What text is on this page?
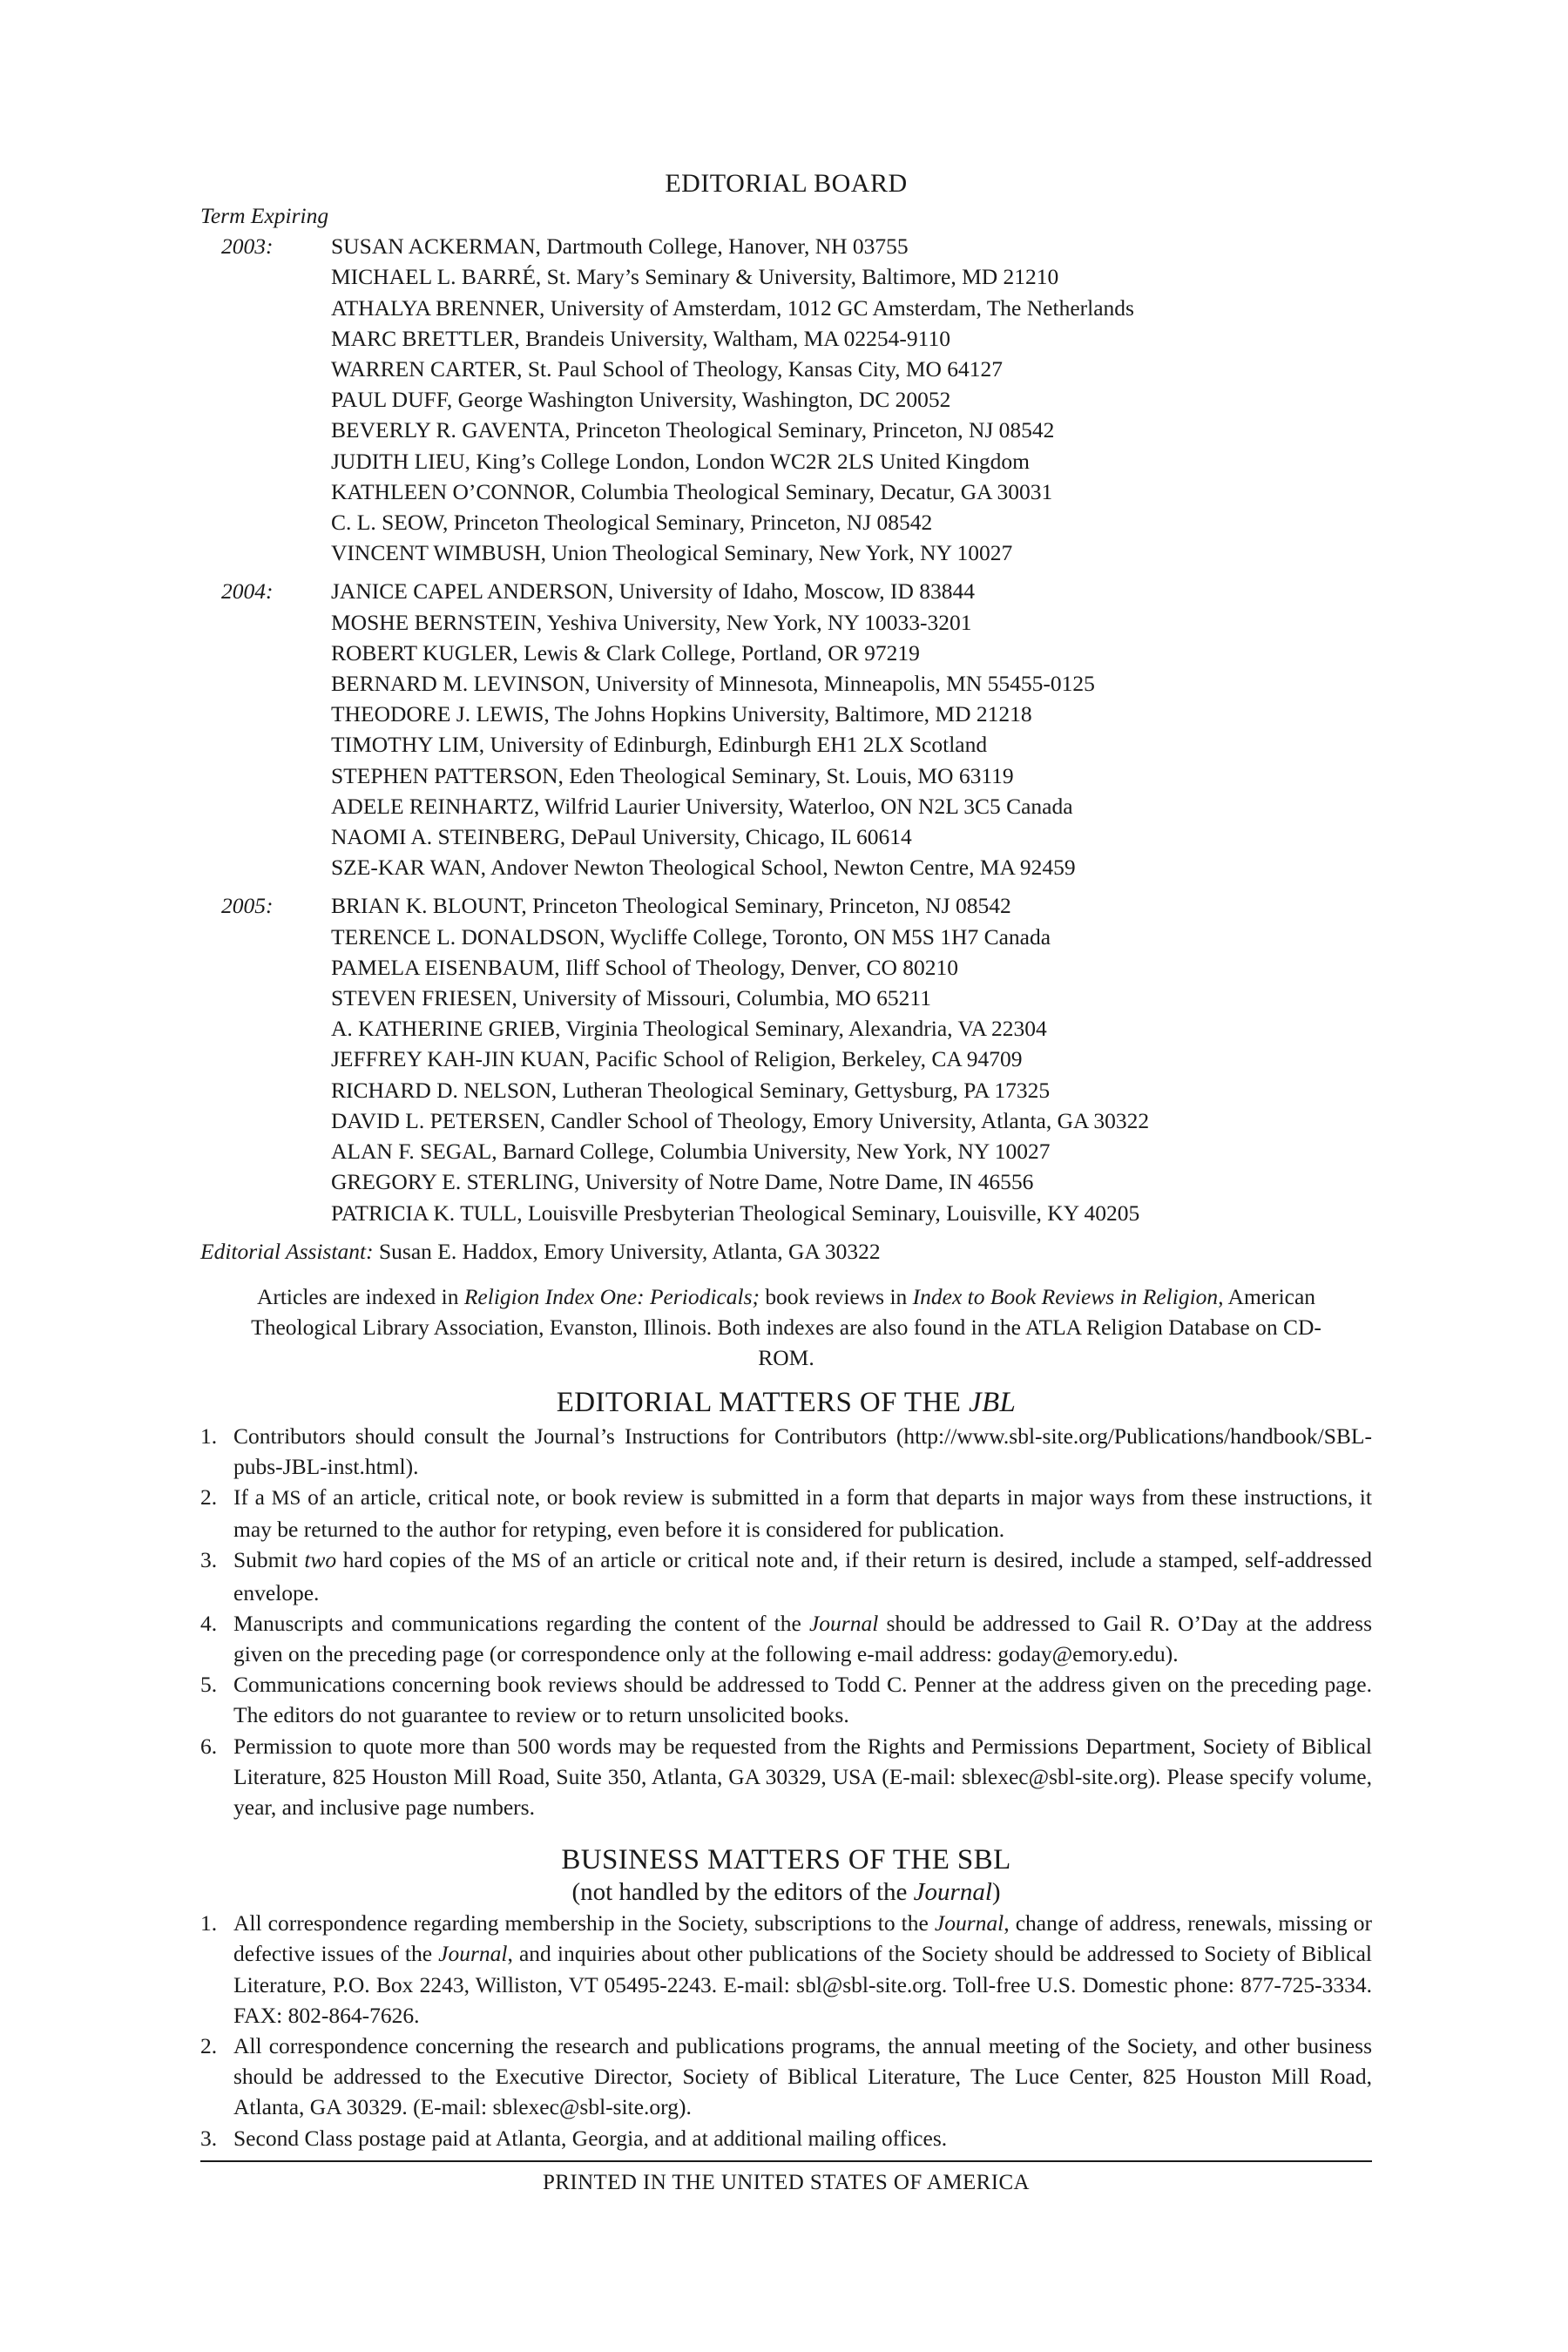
EDITORIAL BOARD
Term Expiring
2003:	SUSAN ACKERMAN, Dartmouth College, Hanover, NH 03755
MICHAEL L. BARRÉ, St. Mary’s Seminary & University, Baltimore, MD 21210
ATHALYA BRENNER, University of Amsterdam, 1012 GC Amsterdam, The Netherlands
MARC BRETTLER, Brandeis University, Waltham, MA 02254-9110
WARREN CARTER, St. Paul School of Theology, Kansas City, MO 64127
PAUL DUFF, George Washington University, Washington, DC 20052
BEVERLY R. GAVENTA, Princeton Theological Seminary, Princeton, NJ 08542
JUDITH LIEU, King’s College London, London WC2R 2LS United Kingdom
KATHLEEN O’CONNOR, Columbia Theological Seminary, Decatur, GA 30031
C. L. SEOW, Princeton Theological Seminary, Princeton, NJ 08542
VINCENT WIMBUSH, Union Theological Seminary, New York, NY 10027
2004:	JANICE CAPEL ANDERSON, University of Idaho, Moscow, ID 83844
MOSHE BERNSTEIN, Yeshiva University, New York, NY 10033-3201
ROBERT KUGLER, Lewis & Clark College, Portland, OR 97219
BERNARD M. LEVINSON, University of Minnesota, Minneapolis, MN 55455-0125
THEODORE J. LEWIS, The Johns Hopkins University, Baltimore, MD 21218
TIMOTHY LIM, University of Edinburgh, Edinburgh EH1 2LX Scotland
STEPHEN PATTERSON, Eden Theological Seminary, St. Louis, MO 63119
ADELE REINHARTZ, Wilfrid Laurier University, Waterloo, ON N2L 3C5 Canada
NAOMI A. STEINBERG, DePaul University, Chicago, IL 60614
SZE-KAR WAN, Andover Newton Theological School, Newton Centre, MA 92459
2005:	BRIAN K. BLOUNT, Princeton Theological Seminary, Princeton, NJ 08542
TERENCE L. DONALDSON, Wycliffe College, Toronto, ON M5S 1H7 Canada
PAMELA EISENBAUM, Iliff School of Theology, Denver, CO 80210
STEVEN FRIESEN, University of Missouri, Columbia, MO 65211
A. KATHERINE GRIEB, Virginia Theological Seminary, Alexandria, VA 22304
JEFFREY KAH-JIN KUAN, Pacific School of Religion, Berkeley, CA 94709
RICHARD D. NELSON, Lutheran Theological Seminary, Gettysburg, PA 17325
DAVID L. PETERSEN, Candler School of Theology, Emory University, Atlanta, GA 30322
ALAN F. SEGAL, Barnard College, Columbia University, New York, NY 10027
GREGORY E. STERLING, University of Notre Dame, Notre Dame, IN 46556
PATRICIA K. TULL, Louisville Presbyterian Theological Seminary, Louisville, KY 40205
Editorial Assistant: Susan E. Haddox, Emory University, Atlanta, GA 30322
Articles are indexed in Religion Index One: Periodicals; book reviews in Index to Book Reviews in Religion, American Theological Library Association, Evanston, Illinois. Both indexes are also found in the ATLA Religion Database on CD-ROM.
EDITORIAL MATTERS OF THE JBL
1. Contributors should consult the Journal’s Instructions for Contributors (http://www.sbl-site.org/Publications/handbook/SBL-pubs-JBL-inst.html).
2. If a MS of an article, critical note, or book review is submitted in a form that departs in major ways from these instructions, it may be returned to the author for retyping, even before it is considered for publication.
3. Submit two hard copies of the MS of an article or critical note and, if their return is desired, include a stamped, self-addressed envelope.
4. Manuscripts and communications regarding the content of the Journal should be addressed to Gail R. O’Day at the address given on the preceding page (or correspondence only at the following e-mail address: goday@emory.edu).
5. Communications concerning book reviews should be addressed to Todd C. Penner at the address given on the preceding page. The editors do not guarantee to review or to return unsolicited books.
6. Permission to quote more than 500 words may be requested from the Rights and Permissions Department, Society of Biblical Literature, 825 Houston Mill Road, Suite 350, Atlanta, GA 30329, USA (E-mail: sblexec@sbl-site.org). Please specify volume, year, and inclusive page numbers.
BUSINESS MATTERS OF THE SBL
(not handled by the editors of the Journal)
1. All correspondence regarding membership in the Society, subscriptions to the Journal, change of address, renewals, missing or defective issues of the Journal, and inquiries about other publications of the Society should be addressed to Society of Biblical Literature, P.O. Box 2243, Williston, VT 05495-2243. E-mail: sbl@sbl-site.org. Toll-free U.S. Domestic phone: 877-725-3334. FAX: 802-864-7626.
2. All correspondence concerning the research and publications programs, the annual meeting of the Society, and other business should be addressed to the Executive Director, Society of Biblical Literature, The Luce Center, 825 Houston Mill Road, Atlanta, GA 30329. (E-mail: sblexec@sbl-site.org).
3. Second Class postage paid at Atlanta, Georgia, and at additional mailing offices.
PRINTED IN THE UNITED STATES OF AMERICA
